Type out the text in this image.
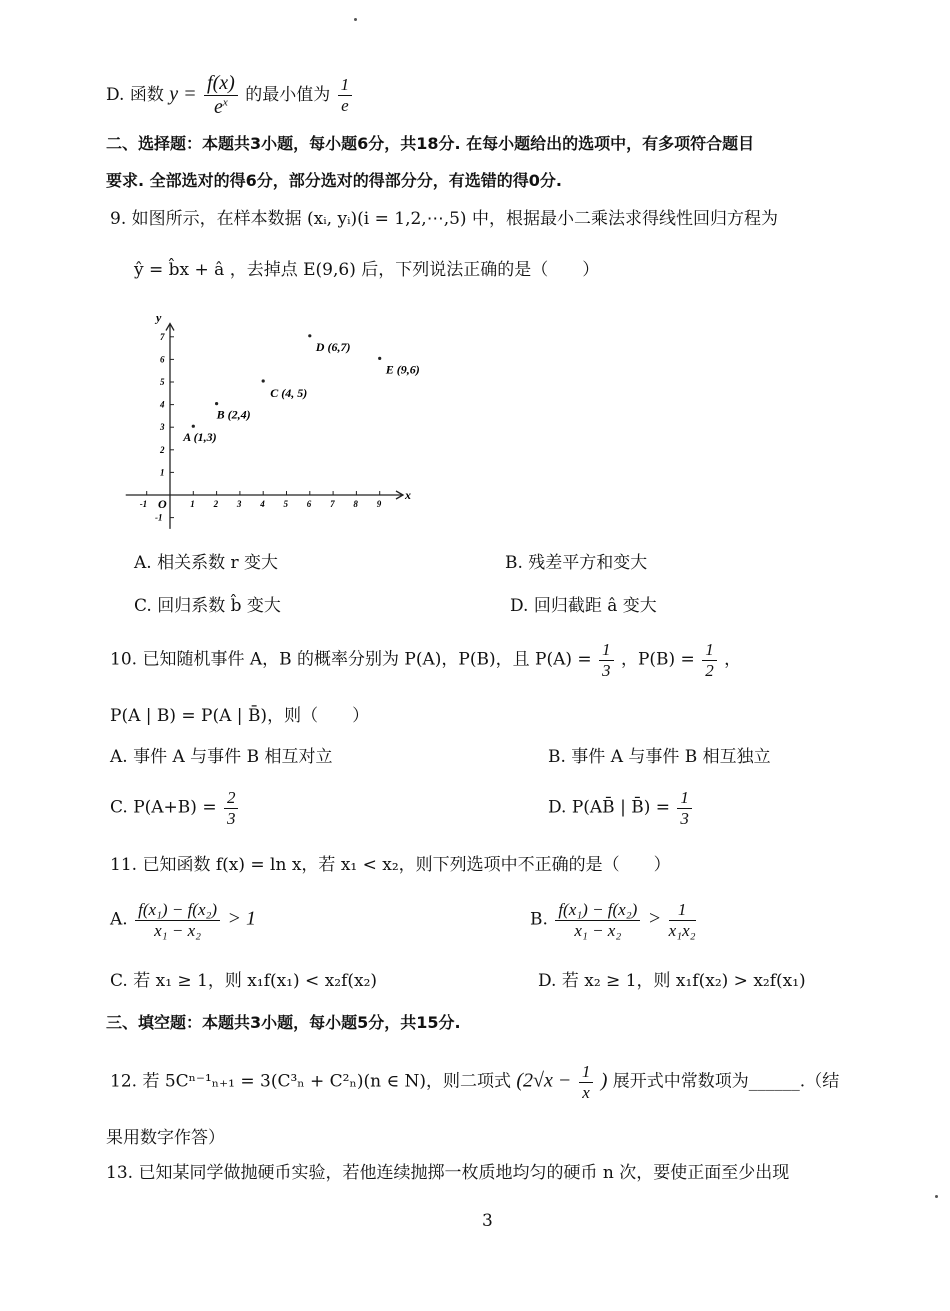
D. 函数 $y = \frac{f(x)}{e^x}$ 的最小值为 $\frac{1}{e}$
二、选择题：本题共3小题，每小题6分，共18分. 在每小题给出的选项中，有多项符合题目
要求. 全部选对的得6分，部分选对的得部分分，有选错的得0分.
9. 如图所示，在样本数据 (xᵢ, yᵢ)(i = 1,2,⋯,5) 中，根据最小二乘法求得线性回归方程为
ŷ = b̂x + â ，去掉点 E(9,6) 后，下列说法正确的是（　　）
x
y
-1 O	1 2 3 4 5 6 7 8 9
-1
1
2
3
4
5
6
7
A (1,3)
B (2,4)
C (4, 5)
D (6,7)
E (9,6)
A. 相关系数 r 变大	B. 残差平方和变大
C. 回归系数 b̂ 变大	D. 回归截距 â 变大
10. 已知随机事件 A，B 的概率分别为 P(A)，P(B)，且 $P(A) = \frac{1}{3}$ ，$P(B) = \frac{1}{2}$ ，
P(A | B) = P(A | B̄)，则（　　）
A. 事件 A 与事件 B 相互对立	B. 事件 A 与事件 B 相互独立
C. $P(A+B) = \frac{2}{3}$	D. P(AB̄ | B̄) = $\frac{1}{3}$
11. 已知函数 f(x) = ln x，若 x₁ < x₂，则下列选项中不正确的是（　　）
A. $\frac{\text{f(x₁) − f(x₂)}}{\text{x₁ − x₂}} > 1$	B. $\frac{\text{f(x₁) − f(x₂)}}{\text{x₁ − x₂}} > \frac{1}{\text{x₁x₂}}$
C. 若 x₁ ≥ 1，则 x₁f(x₁) < x₂f(x₂)	D. 若 x₂ ≥ 1，则 x₁f(x₂) > x₂f(x₁)
三、填空题：本题共3小题，每小题5分，共15分.
12. 若 5Cⁿ⁻¹ₙ₊₁ = 3(C³ₙ + C²ₙ)(n ∈ N)，则二项式 ($2√x - \frac{1}{x}$ ) 展开式中常数项为______.（结
果用数字作答）
13. 已知某同学做抛硬币实验，若他连续抛掷一枚质地均匀的硬币 n 次，要使正面至少出现
3
